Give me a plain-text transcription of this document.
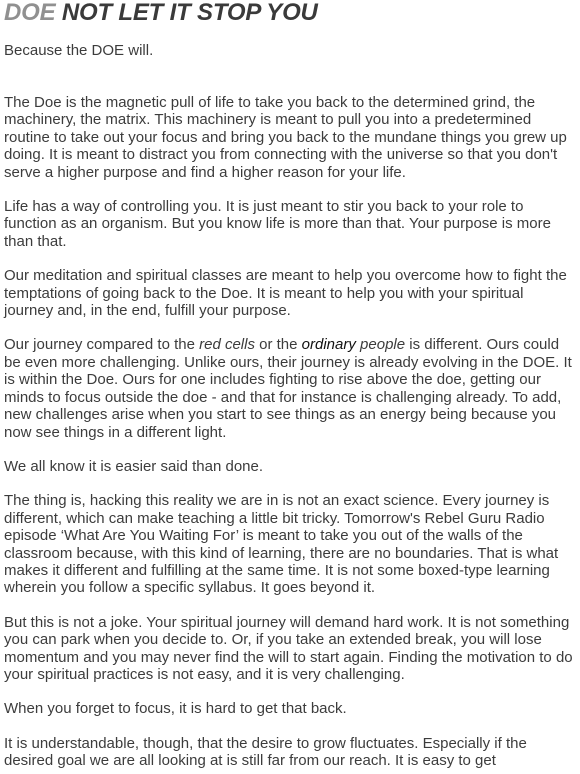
DOE NOT LET IT STOP YOU

Because the DOE will.

The Doe is the magnetic pull of life to take you back to the determined grind, the machinery, the matrix. This machinery is meant to pull you into a predetermined routine to take out your focus and bring you back to the mundane things you grew up doing. It is meant to distract you from connecting with the universe so that you don't serve a higher purpose and find a higher reason for your life.

Life has a way of controlling you. It is just meant to stir you back to your role to function as an organism. But you know life is more than that. Your purpose is more than that.

Our meditation and spiritual classes are meant to help you overcome how to fight the temptations of going back to the Doe. It is meant to help you with your spiritual journey and, in the end, fulfill your purpose.

Our journey compared to the red cells or the ordinary people is different. Ours could be even more challenging. Unlike ours, their journey is already evolving in the DOE. It is within the Doe. Ours for one includes fighting to rise above the doe, getting our minds to focus outside the doe - and that for instance is challenging already. To add, new challenges arise when you start to see things as an energy being because you now see things in a different light.

We all know it is easier said than done.

The thing is, hacking this reality we are in is not an exact science. Every journey is different, which can make teaching a little bit tricky. Tomorrow's Rebel Guru Radio episode ‘What Are You Waiting For’ is meant to take you out of the walls of the classroom because, with this kind of learning, there are no boundaries. That is what makes it different and fulfilling at the same time. It is not some boxed-type learning wherein you follow a specific syllabus. It goes beyond it.

But this is not a joke. Your spiritual journey will demand hard work. It is not something you can park when you decide to. Or, if you take an extended break, you will lose momentum and you may never find the will to start again. Finding the motivation to do your spiritual practices is not easy, and it is very challenging.

When you forget to focus, it is hard to get that back.

It is understandable, though, that the desire to grow fluctuates. Especially if the desired goal we are all looking at is still far from our reach. It is easy to get
